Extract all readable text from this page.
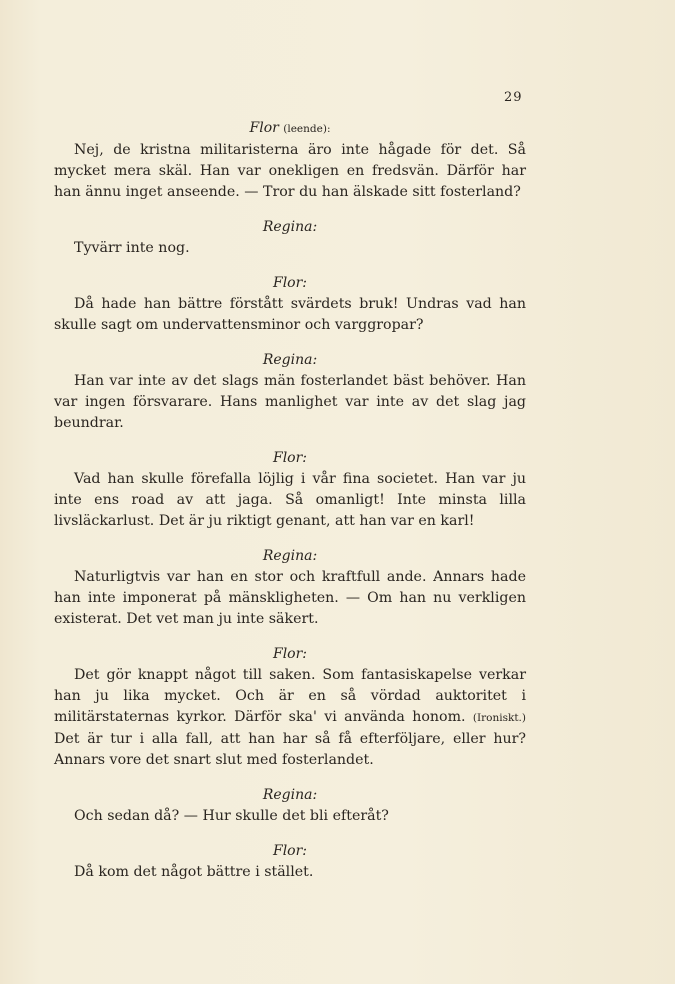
29

Flor (leende):

Nej, de kristna militaristerna äro inte hågade för det. Så mycket mera skäl. Han var onekligen en fredsvän. Därför har han ännu inget anseende. — Tror du han älskade sitt fosterland?

Regina:

Tyvärr inte nog.

Flor:

Då hade han bättre förstått svärdets bruk! Undras vad han skulle sagt om undervattensminor och varggropar?

Regina:

Han var inte av det slags män fosterlandet bäst behöver. Han var ingen försvarare. Hans manlighet var inte av det slag jag beundrar.

Flor:

Vad han skulle förefalla löjlig i vår fina societet. Han var ju inte ens road av att jaga. Så omanligt! Inte minsta lilla livsläckarlust. Det är ju riktigt genant, att han var en karl!

Regina:

Naturligtvis var han en stor och kraftfull ande. Annars hade han inte imponerat på mänskligheten. — Om han nu verkligen existerat. Det vet man ju inte säkert.

Flor:

Det gör knappt något till saken. Som fantasiskapelse verkar han ju lika mycket. Och är en så vördad auktoritet i militärstaternas kyrkor. Därför ska' vi använda honom. (Ironiskt.) Det är tur i alla fall, att han har så få efterföljare, eller hur? Annars vore det snart slut med fosterlandet.

Regina:

Och sedan då? — Hur skulle det bli efteråt?

Flor:

Då kom det något bättre i stället.
